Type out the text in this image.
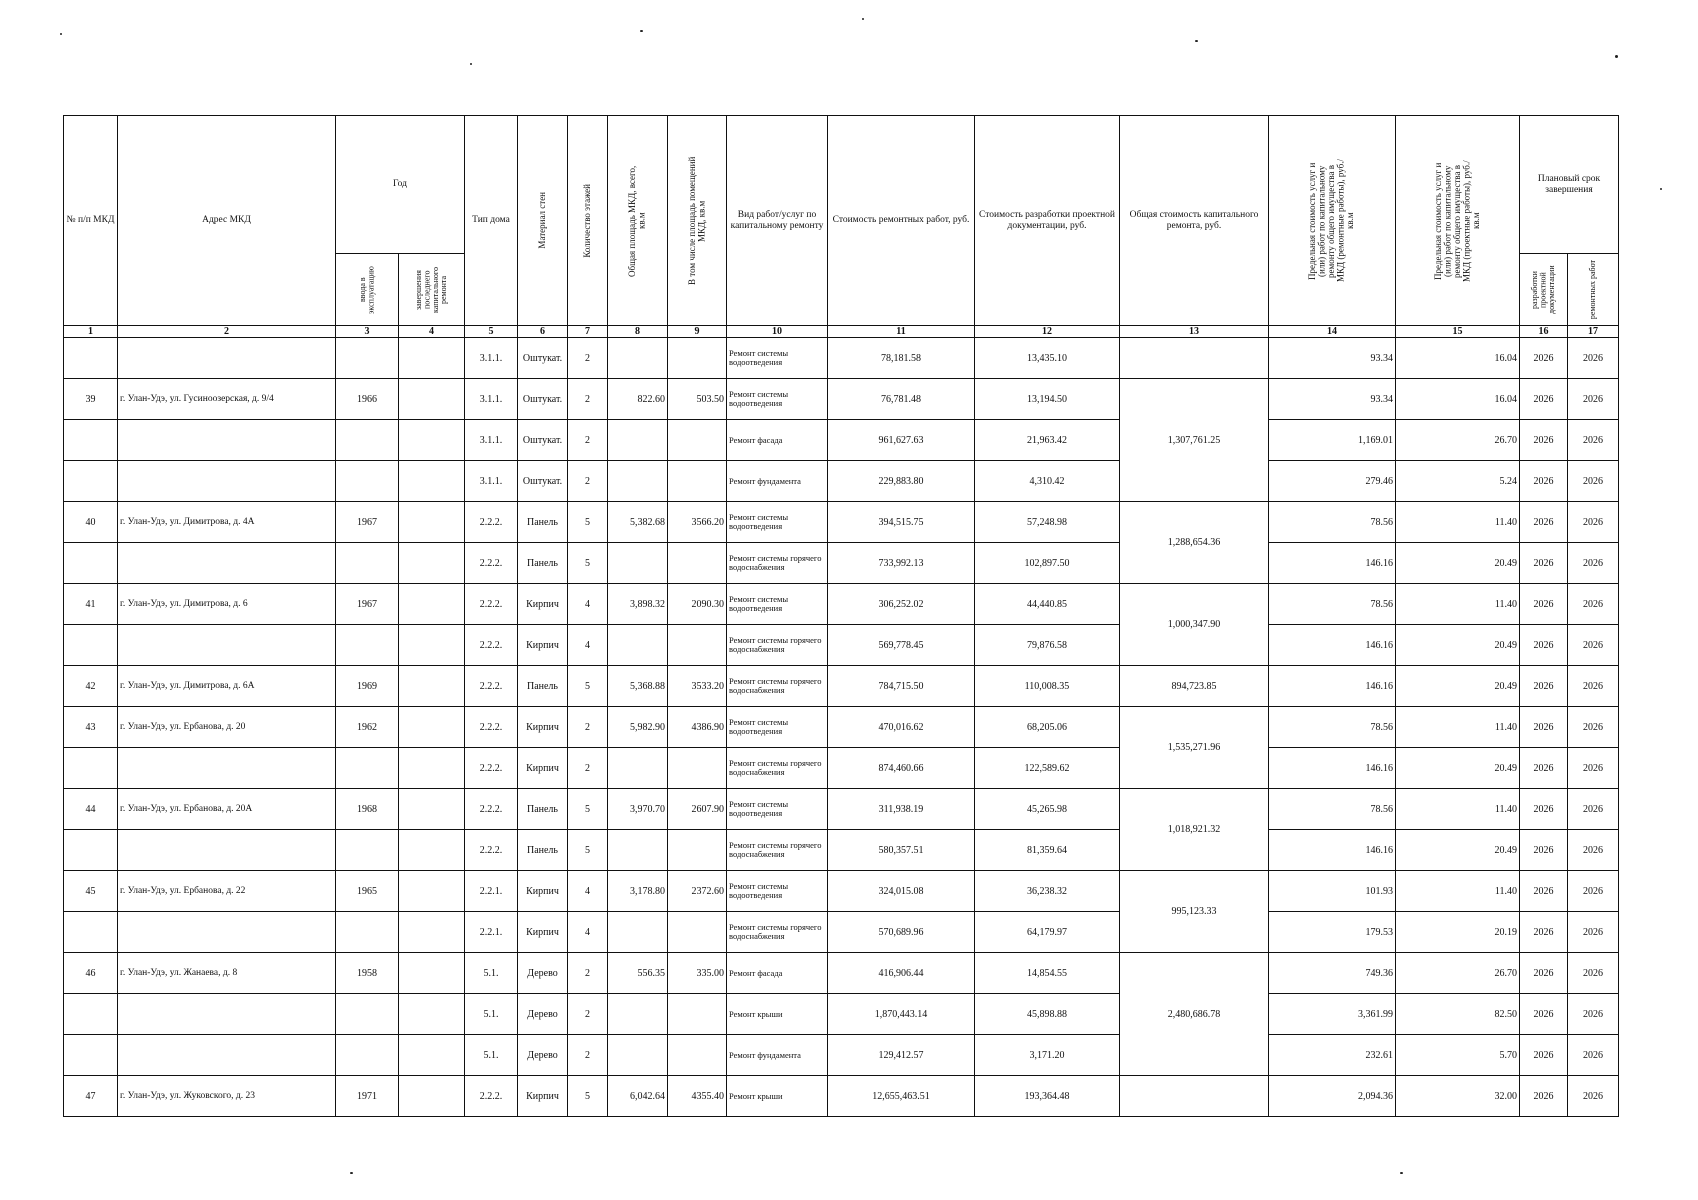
№ п/п МКД	Адрес МКД	Год		Тип дома	Материал стен	Количество этажей	Общая площадь МКД, всего, кв.м	В том числе площадь помещений МКД, кв.м	Вид работ/услуг по капитальному ремонту	Стоимость ремонтных работ, руб.	Стоимость разработки проектной документации, руб.	Общая стоимость капитального ремонта, руб.	Предельная стоимость услуг и (или) работ по капитальному ремонту общего имущества в МКД (ремонтные работы), руб./кв.м	Предельная стоимость услуг и (или) работ по капитальному ремонту общего имущества в МКД (проектные работы), руб./кв.м	Плановый срок завершения	

		ввода в эксплуатацию	завершения последнего капитального ремонта												разработки проектной документации	ремонтных работ

1	2	3	4	5	6	7	8	9	10	11	12	13	14	15	16	17
				3.1.1.	Оштукат.	2			Ремонт системы водоотведения	78,181.58	13,435.10		93.34	16.04	2026	2026
39	г. Улан-Удэ, ул. Гусиноозерская, д. 9/4	1966		3.1.1.	Оштукат.	2	822.60	503.50	Ремонт системы водоотведения	76,781.48	13,194.50	1,307,761.25	93.34	16.04	2026	2026
				3.1.1.	Оштукат.	2			Ремонт фасада	961,627.63	21,963.42		1,169.01	26.70	2026	2026
				3.1.1.	Оштукат.	2			Ремонт фундамента	229,883.80	4,310.42		279.46	5.24	2026	2026
40	г. Улан-Удэ, ул. Димитрова, д. 4А	1967		2.2.2.	Панель	5	5,382.68	3566.20	Ремонт системы водоотведения	394,515.75	57,248.98	1,288,654.36	78.56	11.40	2026	2026
				2.2.2.	Панель	5			Ремонт системы горячего водоснабжения	733,992.13	102,897.50		146.16	20.49	2026	2026
41	г. Улан-Удэ, ул. Димитрова, д. 6	1967		2.2.2.	Кирпич	4	3,898.32	2090.30	Ремонт системы водоотведения	306,252.02	44,440.85	1,000,347.90	78.56	11.40	2026	2026
				2.2.2.	Кирпич	4			Ремонт системы горячего водоснабжения	569,778.45	79,876.58		146.16	20.49	2026	2026
42	г. Улан-Удэ, ул. Димитрова, д. 6А	1969		2.2.2.	Панель	5	5,368.88	3533.20	Ремонт системы горячего водоснабжения	784,715.50	110,008.35	894,723.85	146.16	20.49	2026	2026
43	г. Улан-Удэ, ул. Ербанова, д. 20	1962		2.2.2.	Кирпич	2	5,982.90	4386.90	Ремонт системы водоотведения	470,016.62	68,205.06	1,535,271.96	78.56	11.40	2026	2026
				2.2.2.	Кирпич	2			Ремонт системы горячего водоснабжения	874,460.66	122,589.62		146.16	20.49	2026	2026
44	г. Улан-Удэ, ул. Ербанова, д. 20А	1968		2.2.2.	Панель	5	3,970.70	2607.90	Ремонт системы водоотведения	311,938.19	45,265.98	1,018,921.32	78.56	11.40	2026	2026
				2.2.2.	Панель	5			Ремонт системы горячего водоснабжения	580,357.51	81,359.64		146.16	20.49	2026	2026
45	г. Улан-Удэ, ул. Ербанова, д. 22	1965		2.2.1.	Кирпич	4	3,178.80	2372.60	Ремонт системы водоотведения	324,015.08	36,238.32	995,123.33	101.93	11.40	2026	2026
				2.2.1.	Кирпич	4			Ремонт системы горячего водоснабжения	570,689.96	64,179.97		179.53	20.19	2026	2026
46	г. Улан-Удэ, ул. Жанаева, д. 8	1958		5.1.	Дерево	2	556.35	335.00	Ремонт фасада	416,906.44	14,854.55	2,480,686.78	749.36	26.70	2026	2026
				5.1.	Дерево	2			Ремонт крыши	1,870,443.14	45,898.88		3,361.99	82.50	2026	2026
				5.1.	Дерево	2			Ремонт фундамента	129,412.57	3,171.20		232.61	5.70	2026	2026
47	г. Улан-Удэ, ул. Жуковского, д. 23	1971		2.2.2.	Кирпич	5	6,042.64	4355.40	Ремонт крыши	12,655,463.51	193,364.48		2,094.36	32.00	2026	2026
